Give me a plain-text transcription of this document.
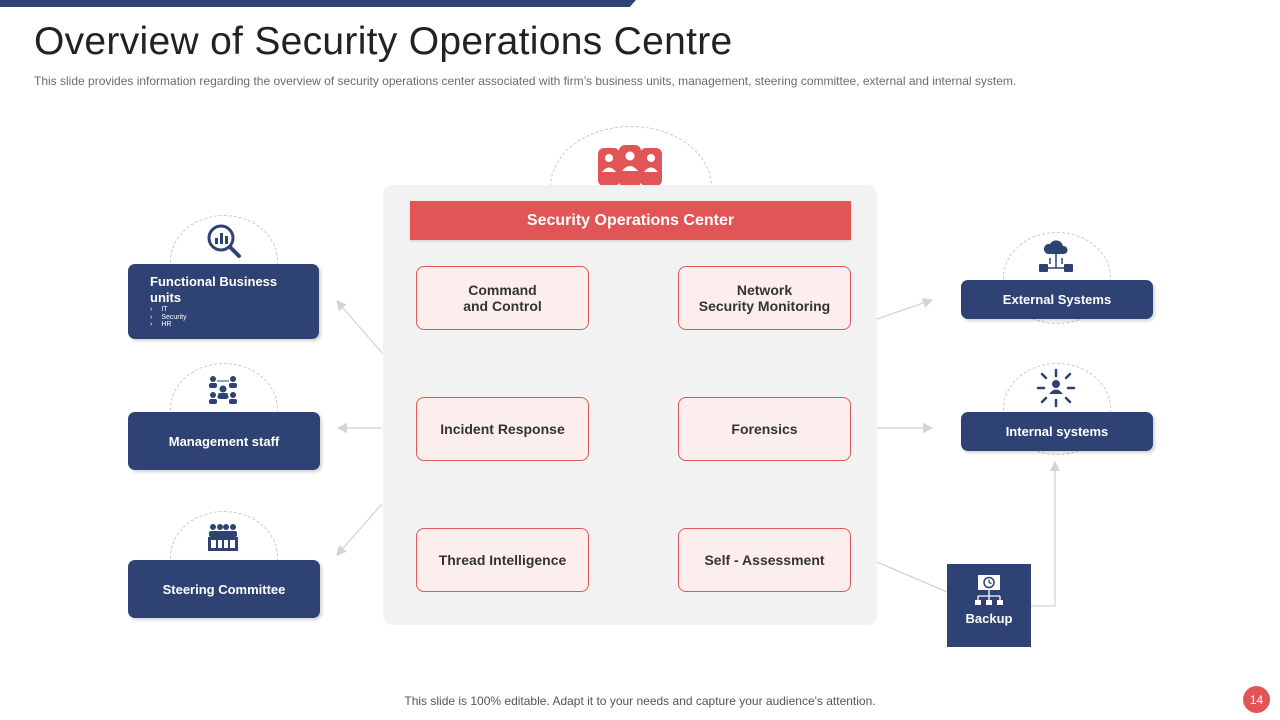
Overview of Security Operations Centre
This slide provides information regarding the overview of security operations center associated with firm’s business units, management, steering committee, external and internal system.
Security Operations Center
Command
and Control
Network
Security Monitoring
Incident Response	Forensics
Thread Intelligence	Self - Assessment
Functional Business units
› IT
› Security
› HR
Management staff
Steering Committee
External Systems
Internal systems
Backup
This slide is 100% editable. Adapt it to your needs and capture your audience's attention.	14
